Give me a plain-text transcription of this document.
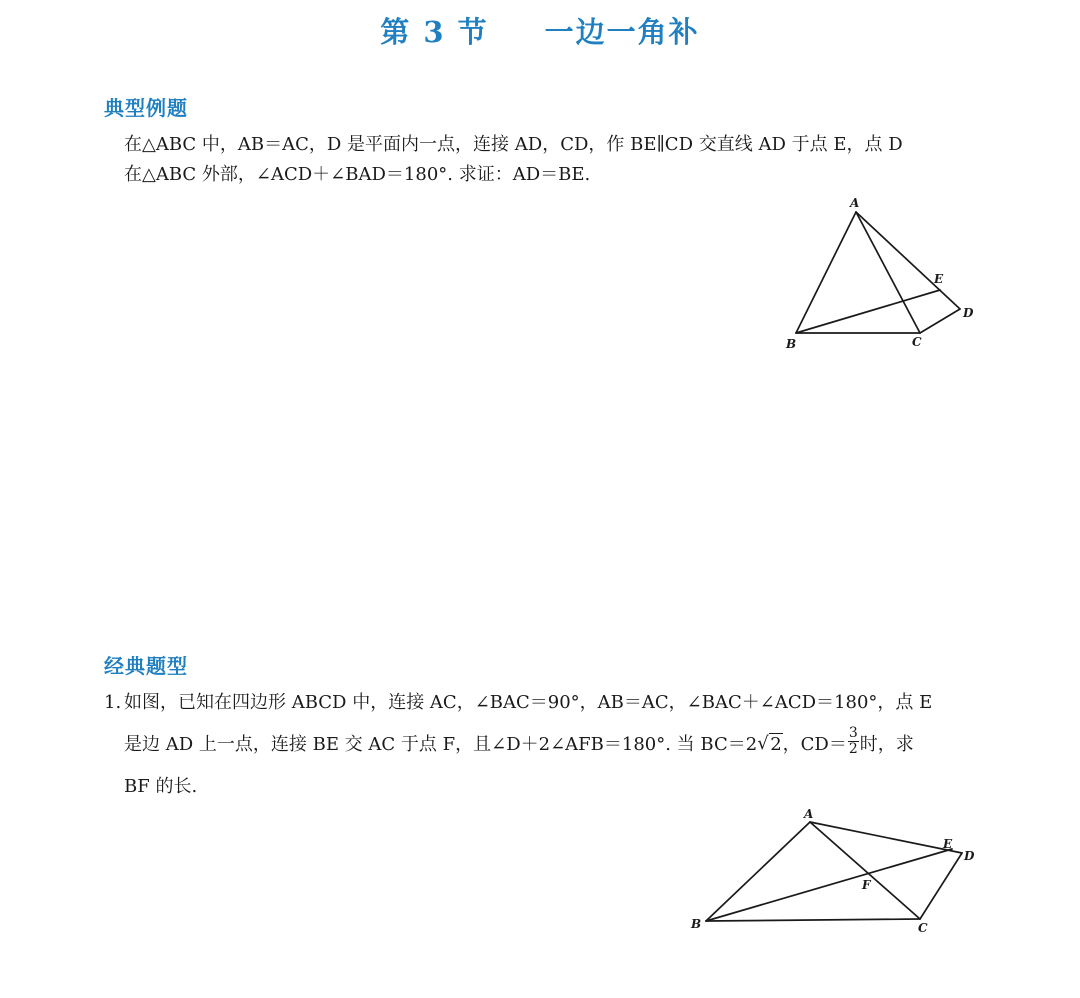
第 3 节 一边一角补
典型例题
在△ABC 中，AB＝AC，D 是平面内一点，连接 AD，CD，作 BE∥CD 交直线 AD 于点 E，点 D
在△ABC 外部，∠ACD＋∠BAD＝180°. 求证：AD＝BE.
A
B	C
D
E
经典题型
1. 如图，已知在四边形 ABCD 中，连接 AC，∠BAC＝90°，AB＝AC，∠BAC＋∠ACD＝180°，点 E
是边 AD 上一点，连接 BE 交 AC 于点 F，且∠D＋2∠AFB＝180°. 当 BC＝2 √ 2，$CD= \frac{3}{2}$ 时，求
BF 的长.
A
B	C
D
E
F
